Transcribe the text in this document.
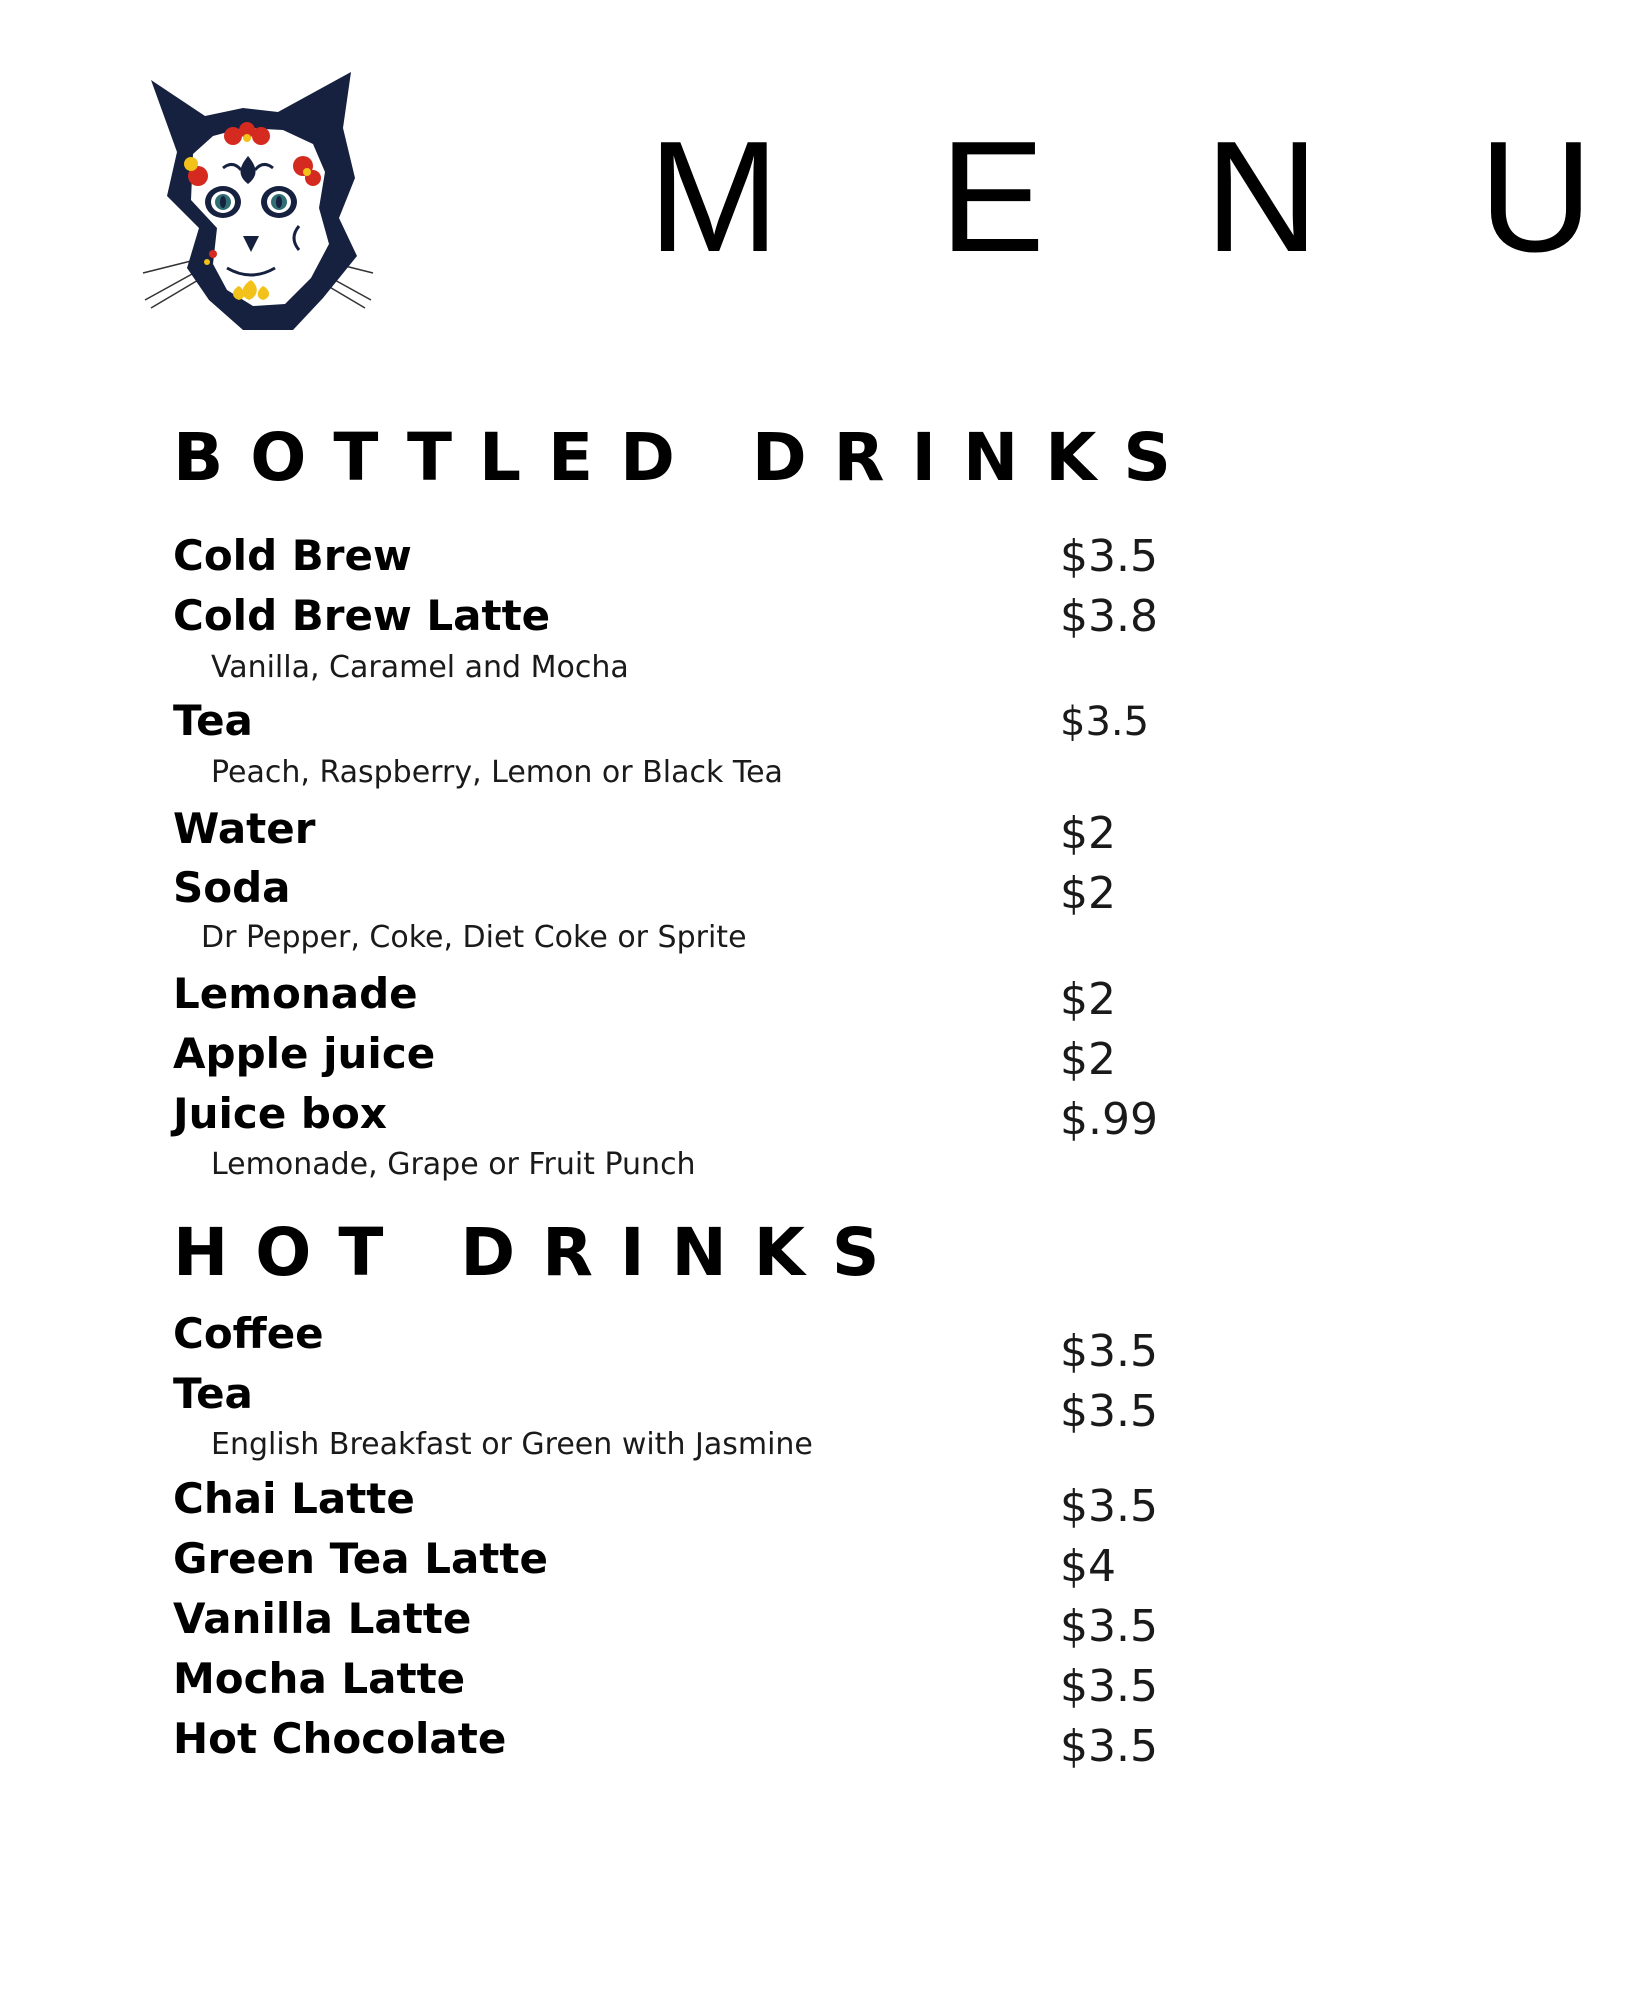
M E N U
BOTTLED DRINKS
Cold Brew	$3.5
Cold Brew Latte	$3.8
Vanilla, Caramel and Mocha
Tea	$3.5
Peach, Raspberry, Lemon or Black Tea
Water	$2
Soda	$2
Dr Pepper, Coke, Diet Coke or Sprite
Lemonade	$2
Apple juice	$2
Juice box	$.99
Lemonade, Grape or Fruit Punch
HOT DRINKS
Coffee	$3.5
Tea	$3.5
English Breakfast or Green with Jasmine
Chai Latte	$3.5
Green Tea Latte	$4
Vanilla Latte	$3.5
Mocha Latte	$3.5
Hot Chocolate	$3.5
